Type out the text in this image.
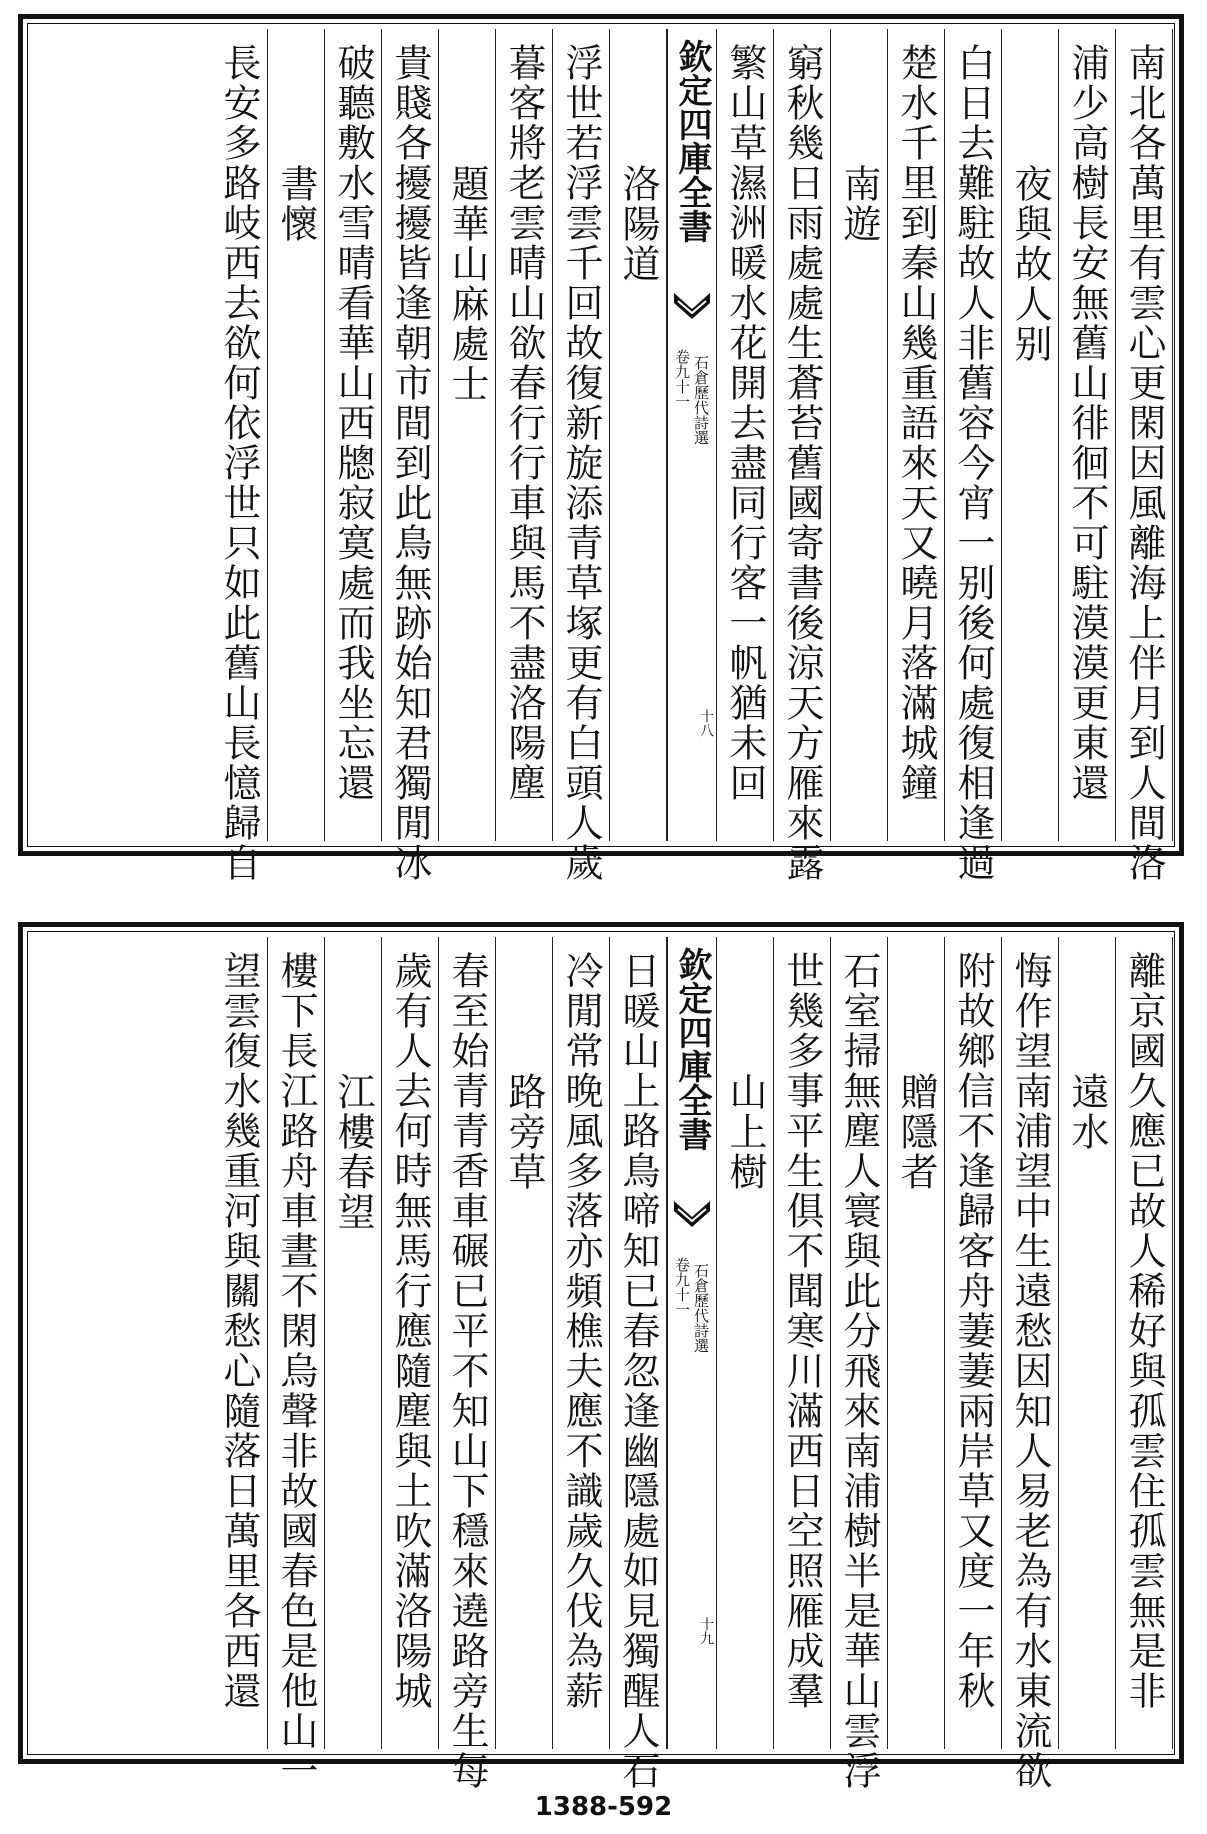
南北各萬里有雲心更閑因風離海上伴月到人間洛
浦少高樹長安無舊山徘徊不可駐漠漠更東還
夜與故人别
白日去難駐故人非舊容今宵一别後何處復相逢過
楚水千里到秦山幾重語來天又曉月落滿城鐘
南遊
窮秋幾日雨處處生蒼苔舊國寄書後涼天方雁來露
繁山草濕洲暖水花開去盡同行客一帆猶未回
欽定四庫全書
石倉歷代詩選
卷九十一
十八
洛陽道
浮世若浮雲千回故復新旋添青草塚更有白頭人歲
暮客將老雲晴山欲春行行車與馬不盡洛陽塵
題華山麻處士
貴賤各擾擾皆逢朝市間到此鳥無跡始知君獨閒冰
破聽敷水雪晴看華山西牕寂寞處而我坐忘還
書懷
長安多路岐西去欲何依浮世只如此舊山長憶歸自
離京國久應已故人稀好與孤雲住孤雲無是非
遠水
悔作望南浦望中生遠愁因知人易老為有水東流欲
附故鄉信不逢歸客舟萋萋兩岸草又度一年秋
贈隱者
石室掃無塵人寰與此分飛來南浦樹半是華山雲浮
世幾多事平生俱不聞寒川滿西日空照雁成羣
山上樹
欽定四庫全書
石倉歷代詩選
卷九十一
十九
日暖山上路鳥啼知已春忽逢幽隱處如見獨醒人石
冷閒常晚風多落亦頻樵夫應不識歲久伐為薪
路旁草
春至始青青香車碾已平不知山下穩來遶路旁生每
歲有人去何時無馬行應隨塵與土吹滿洛陽城
江樓春望
樓下長江路舟車晝不閑烏聲非故國春色是他山一
望雲復水幾重河與關愁心隨落日萬里各西還
1388-592
